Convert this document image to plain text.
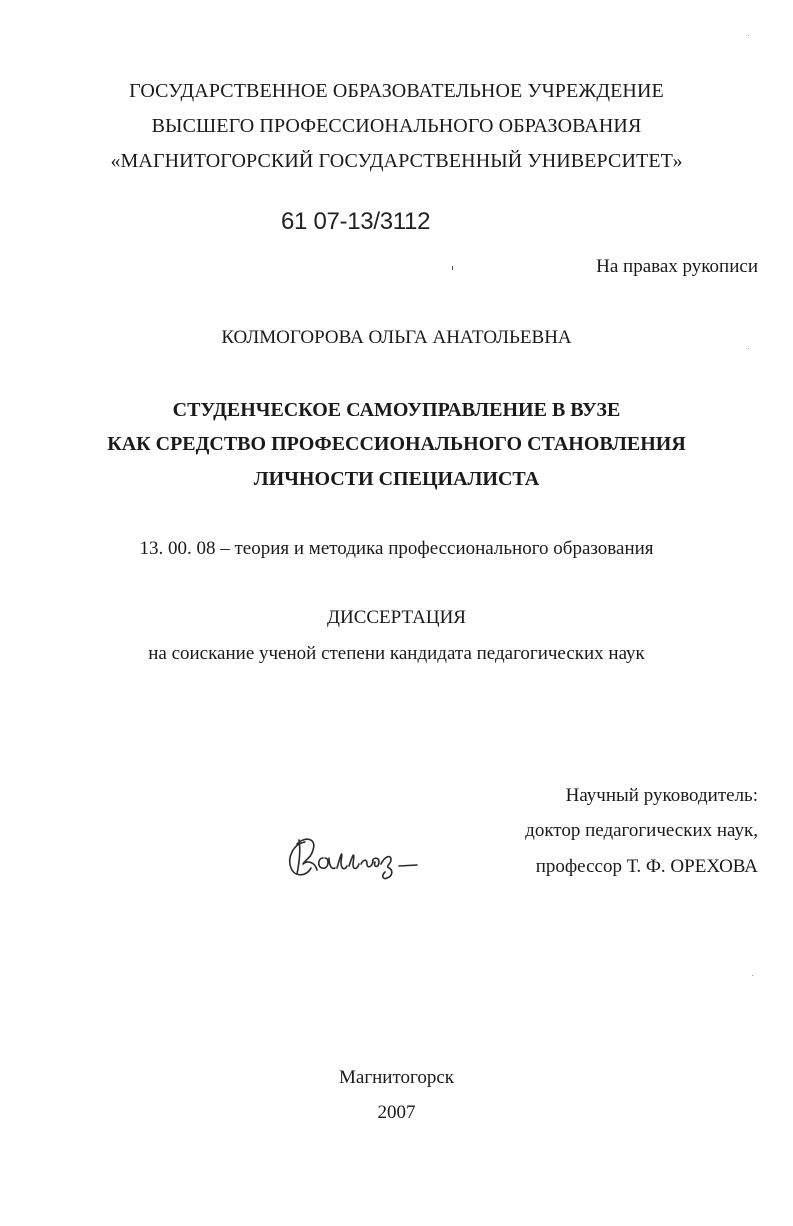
ГОСУДАРСТВЕННОЕ ОБРАЗОВАТЕЛЬНОЕ УЧРЕЖДЕНИЕ
ВЫСШЕГО ПРОФЕССИОНАЛЬНОГО ОБРАЗОВАНИЯ
«МАГНИТОГОРСКИЙ ГОСУДАРСТВЕННЫЙ УНИВЕРСИТЕТ»
61 07-13/3112
На правах рукописи
КОЛМОГОРОВА ОЛЬГА АНАТОЛЬЕВНА
СТУДЕНЧЕСКОЕ САМОУПРАВЛЕНИЕ В ВУЗЕ
КАК СРЕДСТВО ПРОФЕССИОНАЛЬНОГО СТАНОВЛЕНИЯ
ЛИЧНОСТИ СПЕЦИАЛИСТА
13. 00. 08 – теория и методика профессионального образования
ДИССЕРТАЦИЯ
на соискание ученой степени кандидата педагогических наук
Научный руководитель:
доктор педагогических наук,
профессор Т. Ф. ОРЕХОВА
Магнитогорск
2007
